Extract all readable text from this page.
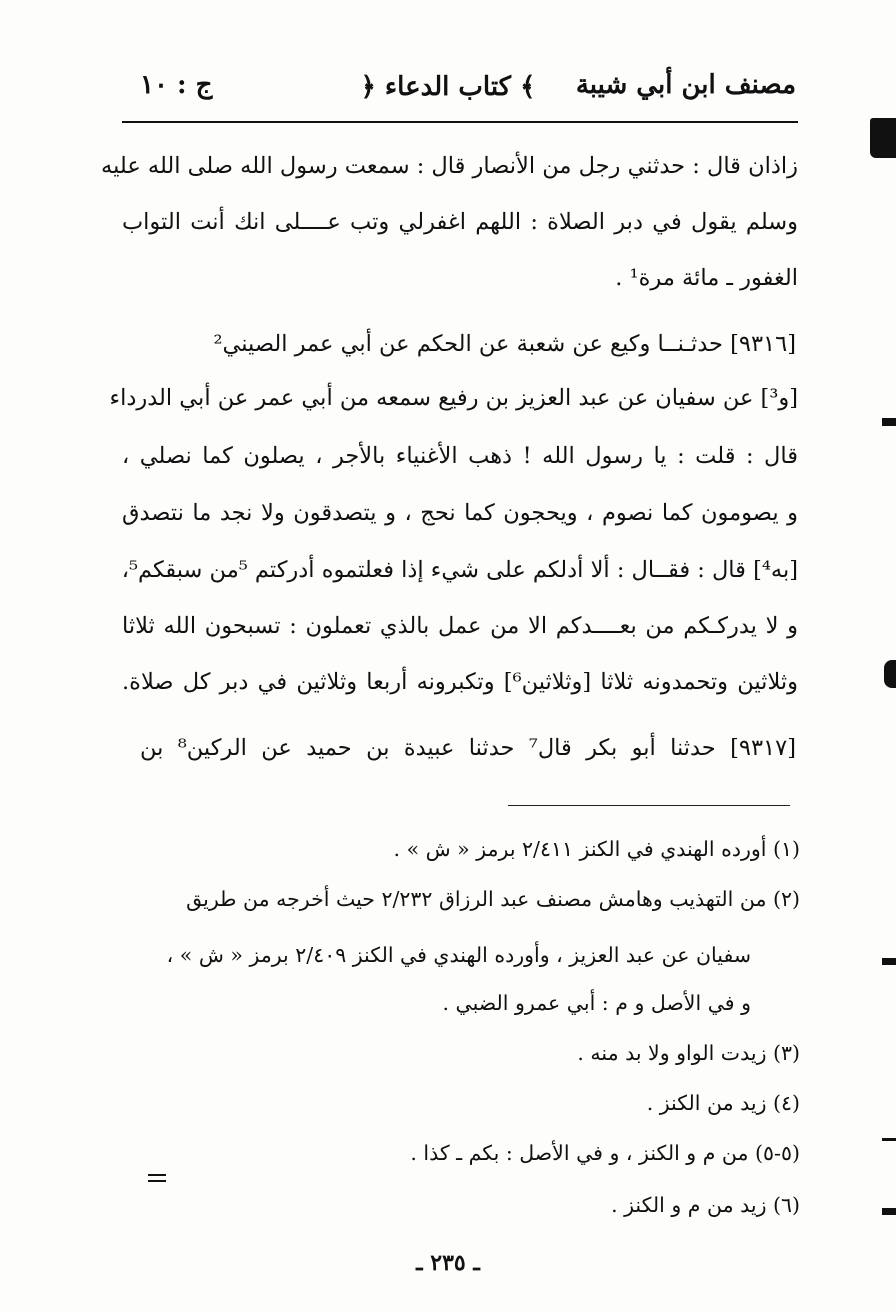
مصنف ابن أبي شيبة
﴿ كتاب الدعاء ﴾
ج : ١٠
زاذان قال : حدثني رجل من الأنصار قال : سمعت رسول الله صلى الله عليه
وسلم يقول في دبر الصلاة : اللهم اغفرلي وتب عــــلى انك أنت التواب
الغفور ـ مائة مرة¹ .
[٩٣١٦] حدثـنــا وكيع عن شعبة عن الحكم عن أبي عمر الصيني²
[و³] عن سفيان عن عبد العزيز بن رفيع سمعه من أبي عمر عن أبي الدرداء
قال : قلت : يا رسول الله ! ذهب الأغنياء بالأجر ، يصلون كما نصلي ،
و يصومون كما نصوم ، ويحجون كما نحج ، و يتصدقون ولا نجد ما نتصدق
[به⁴] قال : فقــال : ألا أدلكم على شيء إذا فعلتموه أدركتم ⁵من سبقكم⁵،
و لا يدركـكم من بعــــدكم الا من عمل بالذي تعملون : تسبحون الله ثلاثا
وثلاثين وتحمدونه ثلاثا [وثلاثين⁶] وتكبرونه أربعا وثلاثين في دبر كل صلاة.
[٩٣١٧] حدثنا أبو بكر قال⁷ حدثنا عبيدة بن حميد عن الركين⁸ بن
(١) أورده الهندي في الكنز ٢/٤١١ برمز « ش » .
(٢) من التهذيب وهامش مصنف عبد الرزاق ٢/٢٣٢ حيث أخرجه من طريق
سفيان عن عبد العزيز ، وأورده الهندي في الكنز ٢/٤٠٩ برمز « ش » ،
و في الأصل و م : أبي عمرو الضبي .
(٣) زيدت الواو ولا بد منه .
(٤) زيد من الكنز .
(٥-٥) من م و الكنز ، و في الأصل : بكم ـ كذا .
(٦) زيد من م و الكنز .
ـ ٢٣٥ ـ
